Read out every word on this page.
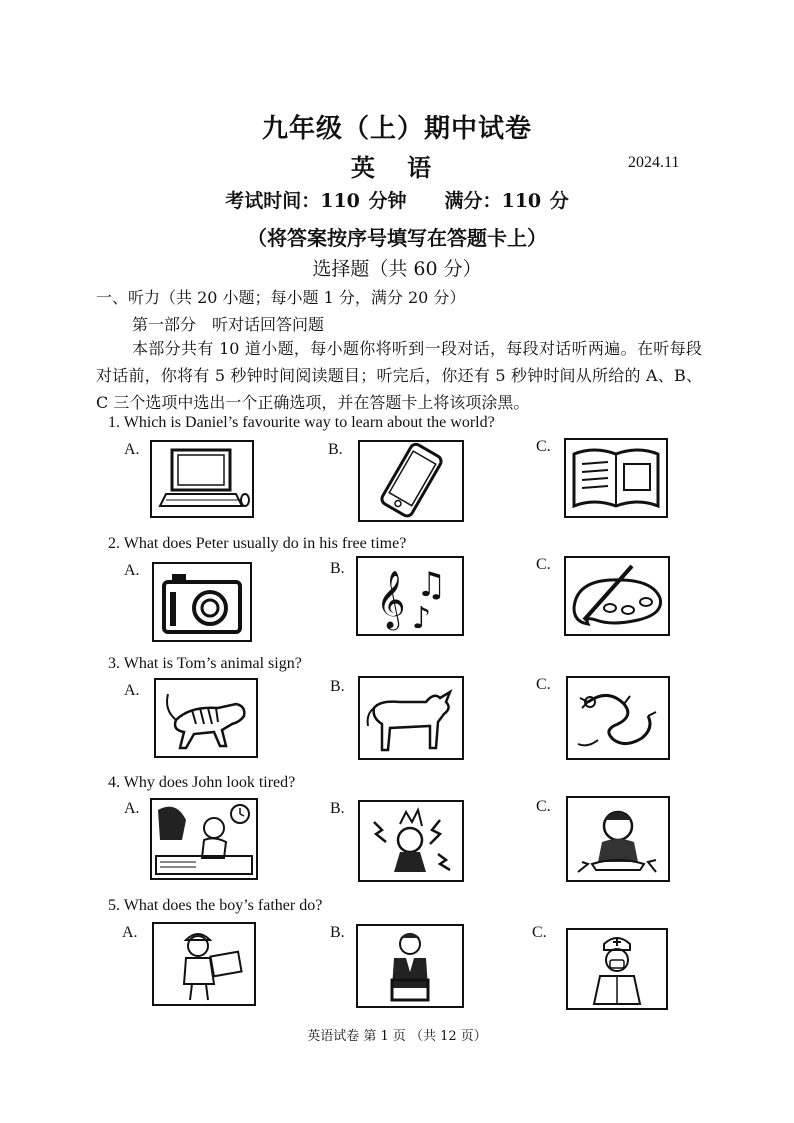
九年级（上）期中试卷
英 语	2024.11
考试时间：110 分钟　　满分：110 分
（将答案按序号填写在答题卡上）
选择题（共 60 分）
一、听力（共 20 小题；每小题 1 分，满分 20 分）
第一部分　听对话回答问题
本部分共有 10 道小题，每小题你将听到一段对话，每段对话听两遍。在听每段对话前，你将有 5 秒钟时间阅读题目；听完后，你还有 5 秒钟时间从所给的 A、B、C 三个选项中选出一个正确选项，并在答题卡上将该项涂黑。
1. Which is Daniel’s favourite way to learn about the world?
A.	B.	C.
2. What does Peter usually do in his free time?
A.	B.
𝄞 ♫
♪
C.
3. What is Tom’s animal sign?
A.	B.	C.
4. Why does John look tired?
A.	B.	C.
5. What does the boy’s father do?
A.	B.	C.
英语试卷 第 1 页 （共 12 页）
